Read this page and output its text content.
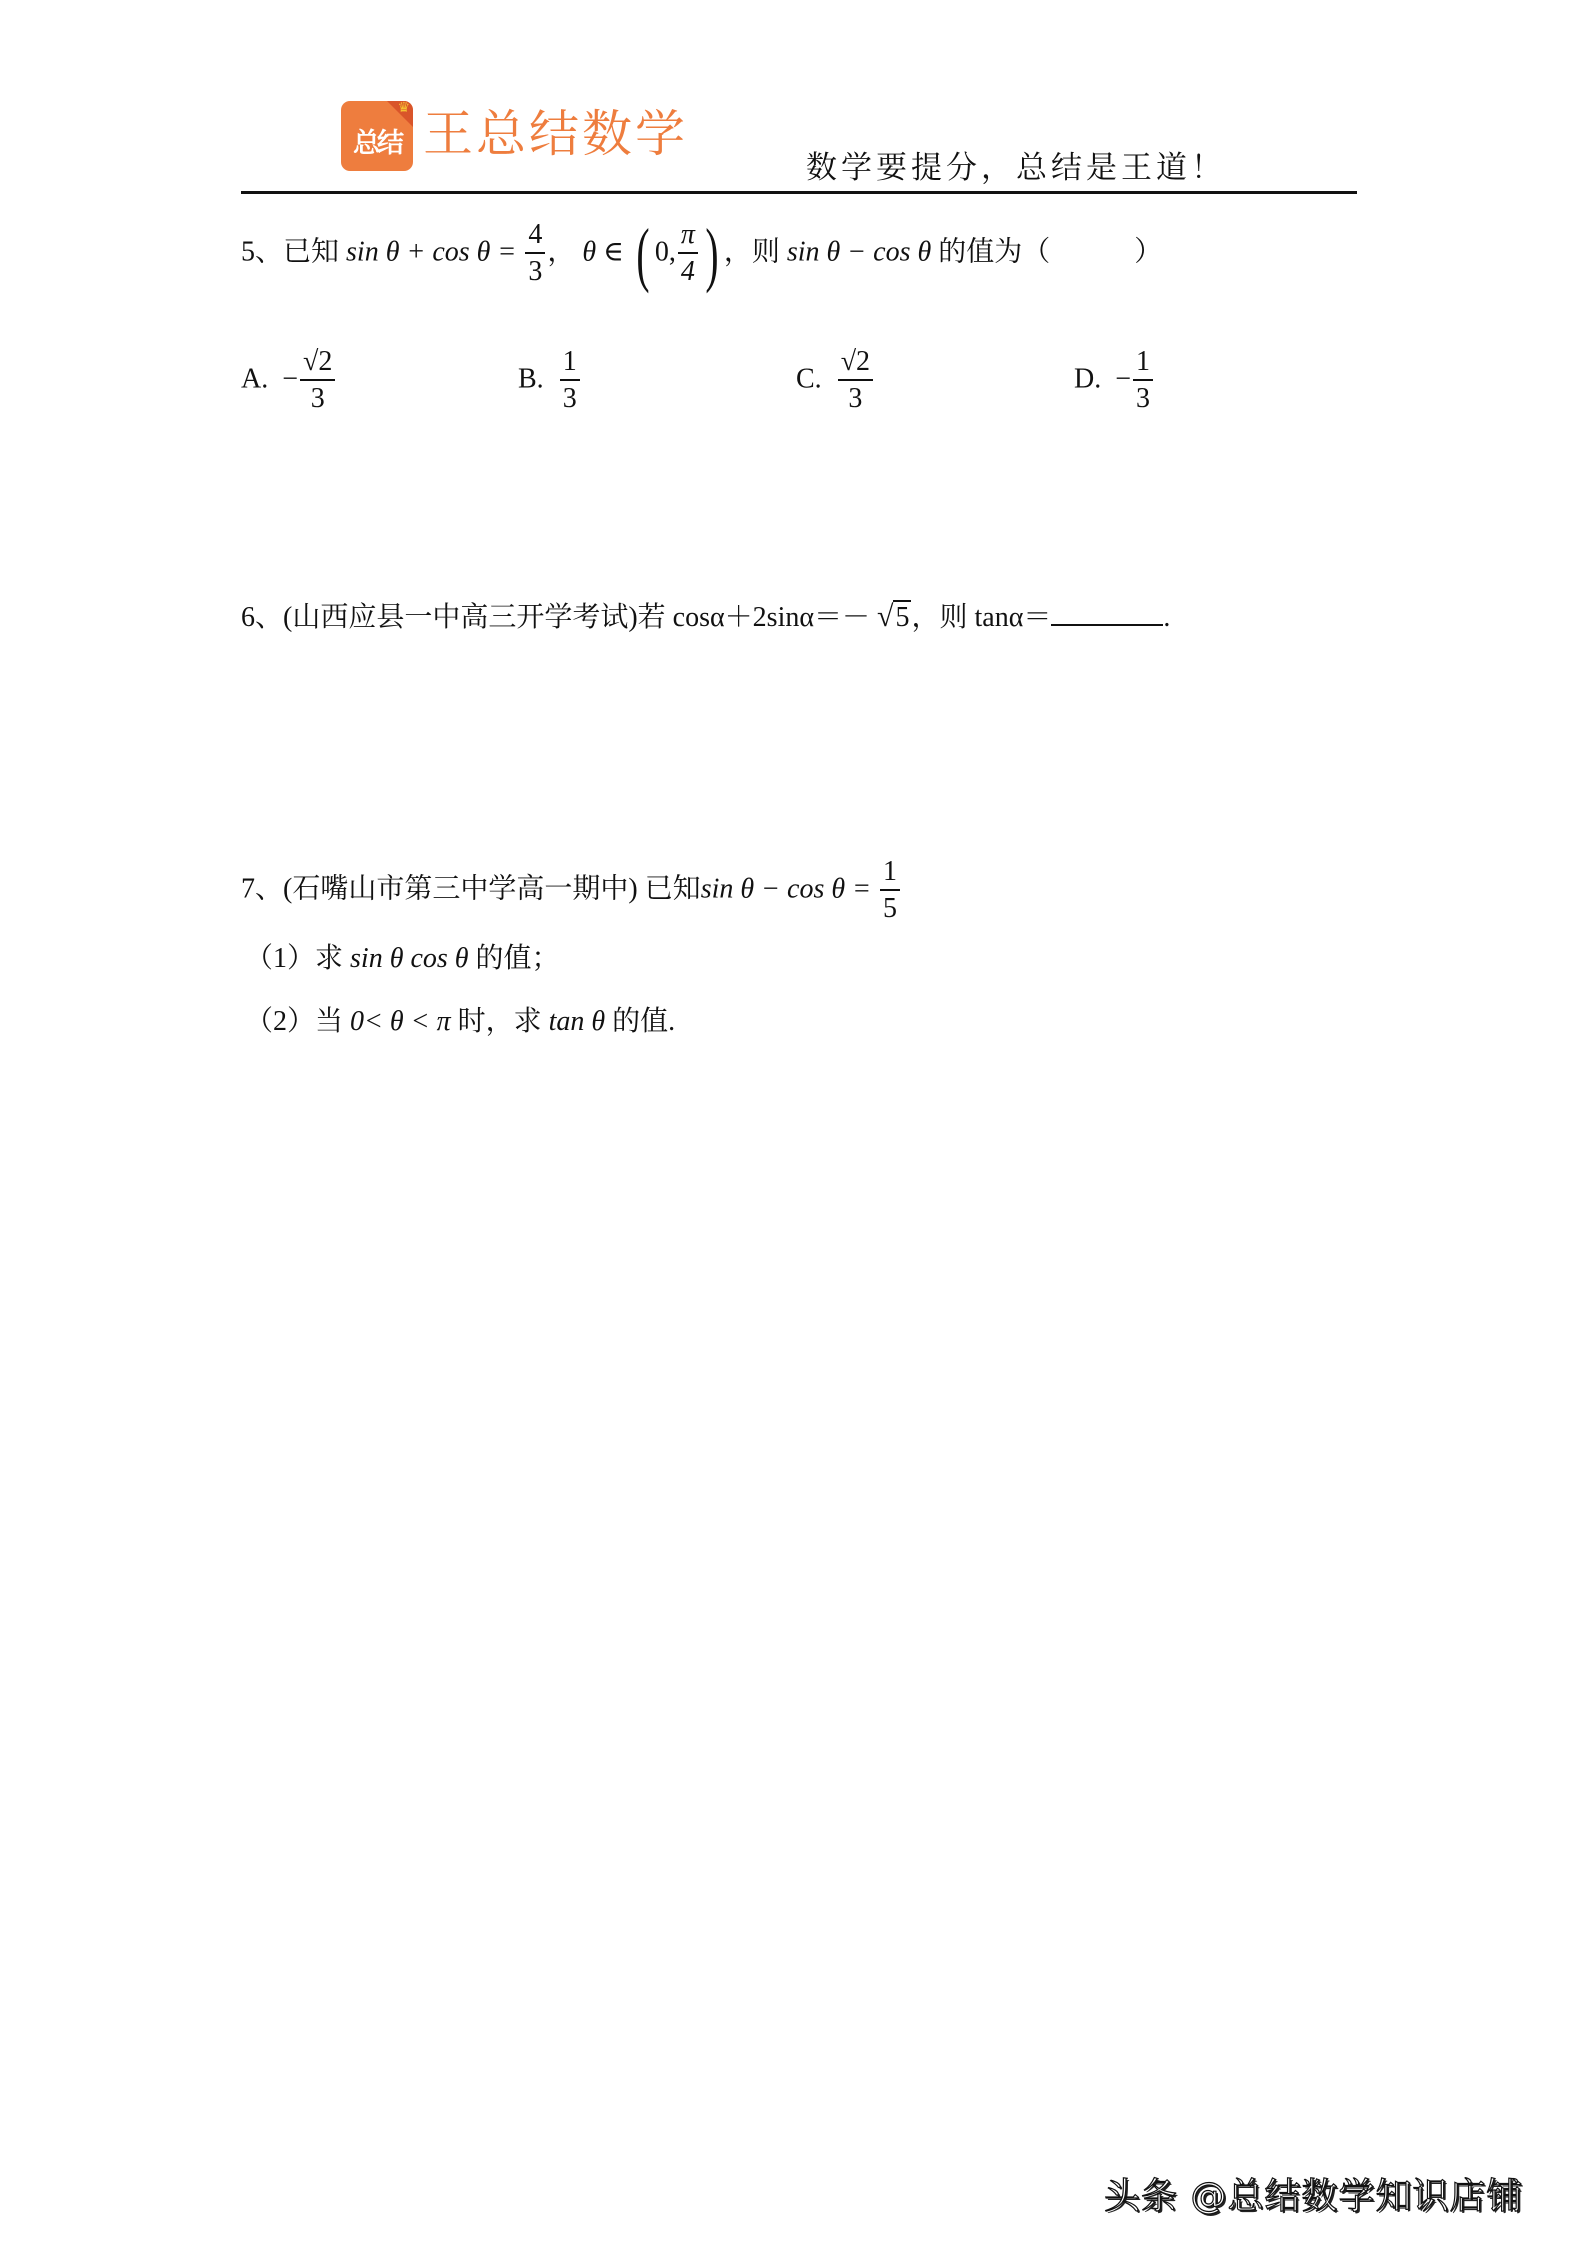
♛
总结 王总结数学
数学要提分，总结是王道！
5、已知 $\sin \theta + \cos \theta = \frac{4}{3}$ ， θ ∈ ( 0, $\frac{\pi}{4}$ ) ，则 sin θ − cos θ 的值为（　　　）
A. − $\frac{√2}{3}$	B. $\frac{1}{3}$	C. $\frac{√2}{3}$	D. − $\frac{1}{3}$
6、(山西应县一中高三开学考试)若 cosα＋2sinα＝－ √5，则 tanα＝	.
7、(石嘴山市第三中学高一期中) 已知$\sin \theta - \cos \theta = \frac{1}{5}$
（1）求 sin θ cos θ 的值；
（2）当 0< θ < π 时，求 tan θ 的值.
头条 @总结数学知识店铺
